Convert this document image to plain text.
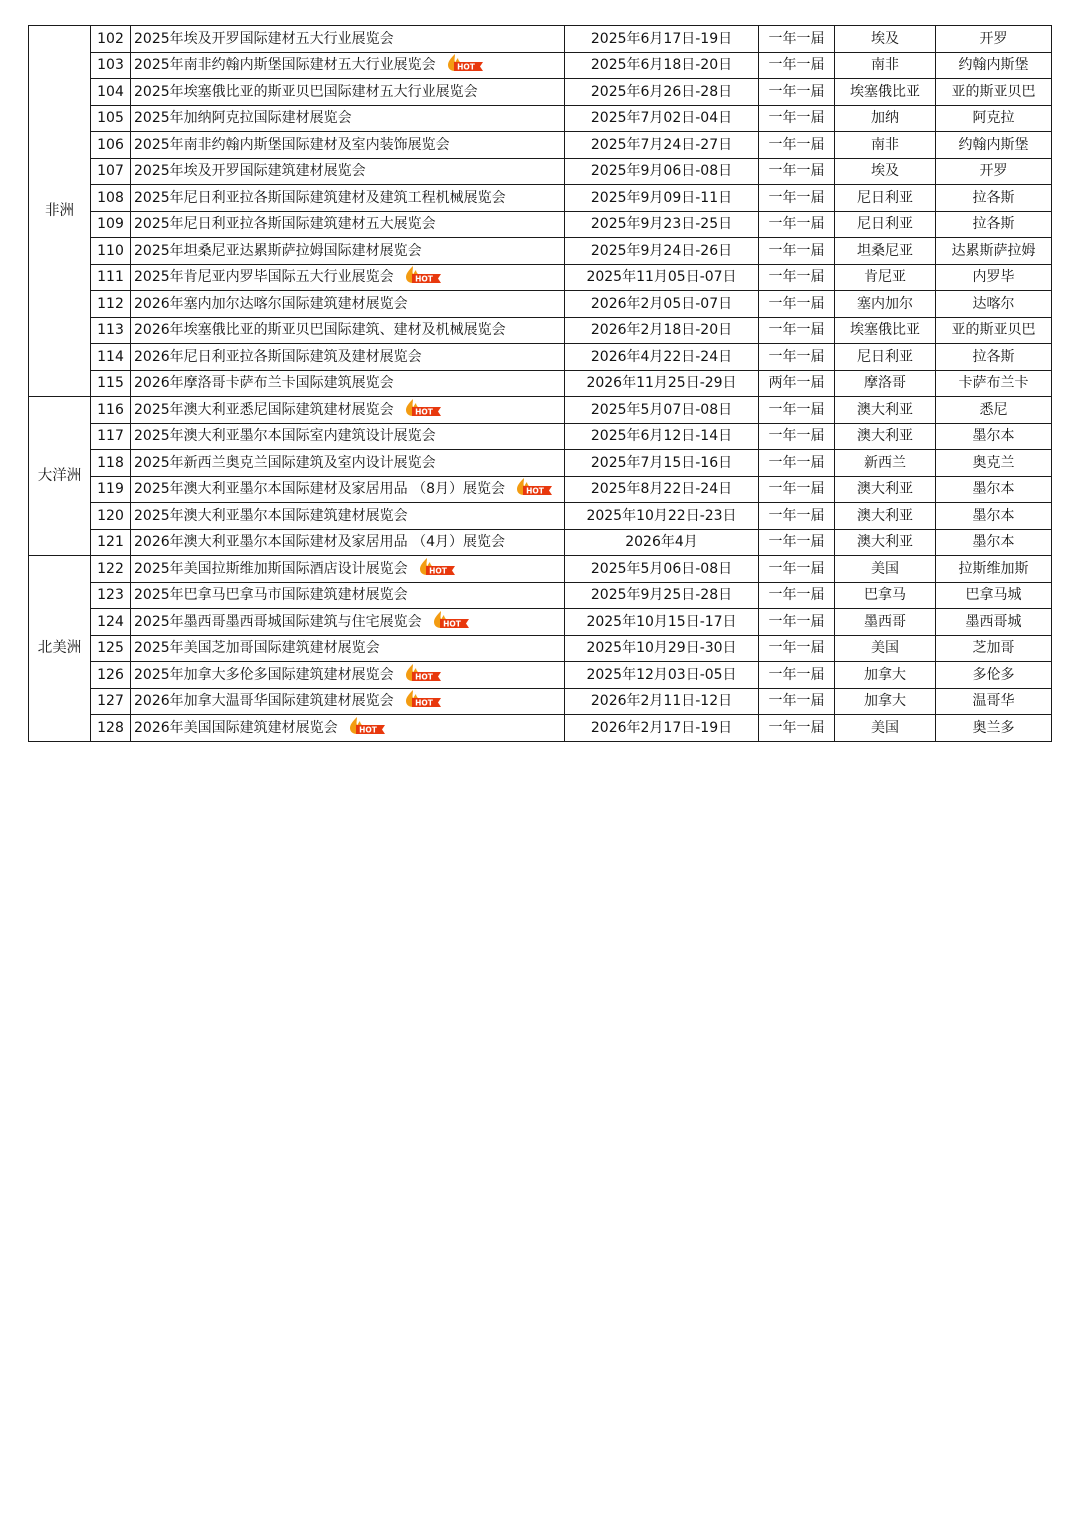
非洲	102	2025年埃及开罗国际建材五大行业展览会	2025年6月17日-19日	一年一届	埃及	开罗
	103	2025年南非约翰内斯堡国际建材五大行业展览会 HOT	2025年6月18日-20日	一年一届	南非	约翰内斯堡
	104	2025年埃塞俄比亚的斯亚贝巴国际建材五大行业展览会	2025年6月26日-28日	一年一届	埃塞俄比亚	亚的斯亚贝巴
	105	2025年加纳阿克拉国际建材展览会	2025年7月02日-04日	一年一届	加纳	阿克拉
	106	2025年南非约翰内斯堡国际建材及室内装饰展览会	2025年7月24日-27日	一年一届	南非	约翰内斯堡
	107	2025年埃及开罗国际建筑建材展览会	2025年9月06日-08日	一年一届	埃及	开罗
	108	2025年尼日利亚拉各斯国际建筑建材及建筑工程机械展览会	2025年9月09日-11日	一年一届	尼日利亚	拉各斯
	109	2025年尼日利亚拉各斯国际建筑建材五大展览会	2025年9月23日-25日	一年一届	尼日利亚	拉各斯
	110	2025年坦桑尼亚达累斯萨拉姆国际建材展览会	2025年9月24日-26日	一年一届	坦桑尼亚	达累斯萨拉姆
	111	2025年肯尼亚内罗毕国际五大行业展览会 HOT	2025年11月05日-07日	一年一届	肯尼亚	内罗毕
	112	2026年塞内加尔达喀尔国际建筑建材展览会	2026年2月05日-07日	一年一届	塞内加尔	达喀尔
	113	2026年埃塞俄比亚的斯亚贝巴国际建筑、建材及机械展览会	2026年2月18日-20日	一年一届	埃塞俄比亚	亚的斯亚贝巴
	114	2026年尼日利亚拉各斯国际建筑及建材展览会	2026年4月22日-24日	一年一届	尼日利亚	拉各斯
	115	2026年摩洛哥卡萨布兰卡国际建筑展览会	2026年11月25日-29日	两年一届	摩洛哥	卡萨布兰卡
大洋洲	116	2025年澳大利亚悉尼国际建筑建材展览会 HOT	2025年5月07日-08日	一年一届	澳大利亚	悉尼
	117	2025年澳大利亚墨尔本国际室内建筑设计展览会	2025年6月12日-14日	一年一届	澳大利亚	墨尔本
	118	2025年新西兰奥克兰国际建筑及室内设计展览会	2025年7月15日-16日	一年一届	新西兰	奥克兰
	119	2025年澳大利亚墨尔本国际建材及家居用品 （8月）展览会 HOT	2025年8月22日-24日	一年一届	澳大利亚	墨尔本
	120	2025年澳大利亚墨尔本国际建筑建材展览会	2025年10月22日-23日	一年一届	澳大利亚	墨尔本
	121	2026年澳大利亚墨尔本国际建材及家居用品 （4月）展览会	2026年4月	一年一届	澳大利亚	墨尔本
北美洲	122	2025年美国拉斯维加斯国际酒店设计展览会 HOT	2025年5月06日-08日	一年一届	美国	拉斯维加斯
	123	2025年巴拿马巴拿马市国际建筑建材展览会	2025年9月25日-28日	一年一届	巴拿马	巴拿马城
	124	2025年墨西哥墨西哥城国际建筑与住宅展览会 HOT	2025年10月15日-17日	一年一届	墨西哥	墨西哥城
	125	2025年美国芝加哥国际建筑建材展览会	2025年10月29日-30日	一年一届	美国	芝加哥
	126	2025年加拿大多伦多国际建筑建材展览会 HOT	2025年12月03日-05日	一年一届	加拿大	多伦多
	127	2026年加拿大温哥华国际建筑建材展览会 HOT	2026年2月11日-12日	一年一届	加拿大	温哥华
	128	2026年美国国际建筑建材展览会 HOT	2026年2月17日-19日	一年一届	美国	奥兰多
